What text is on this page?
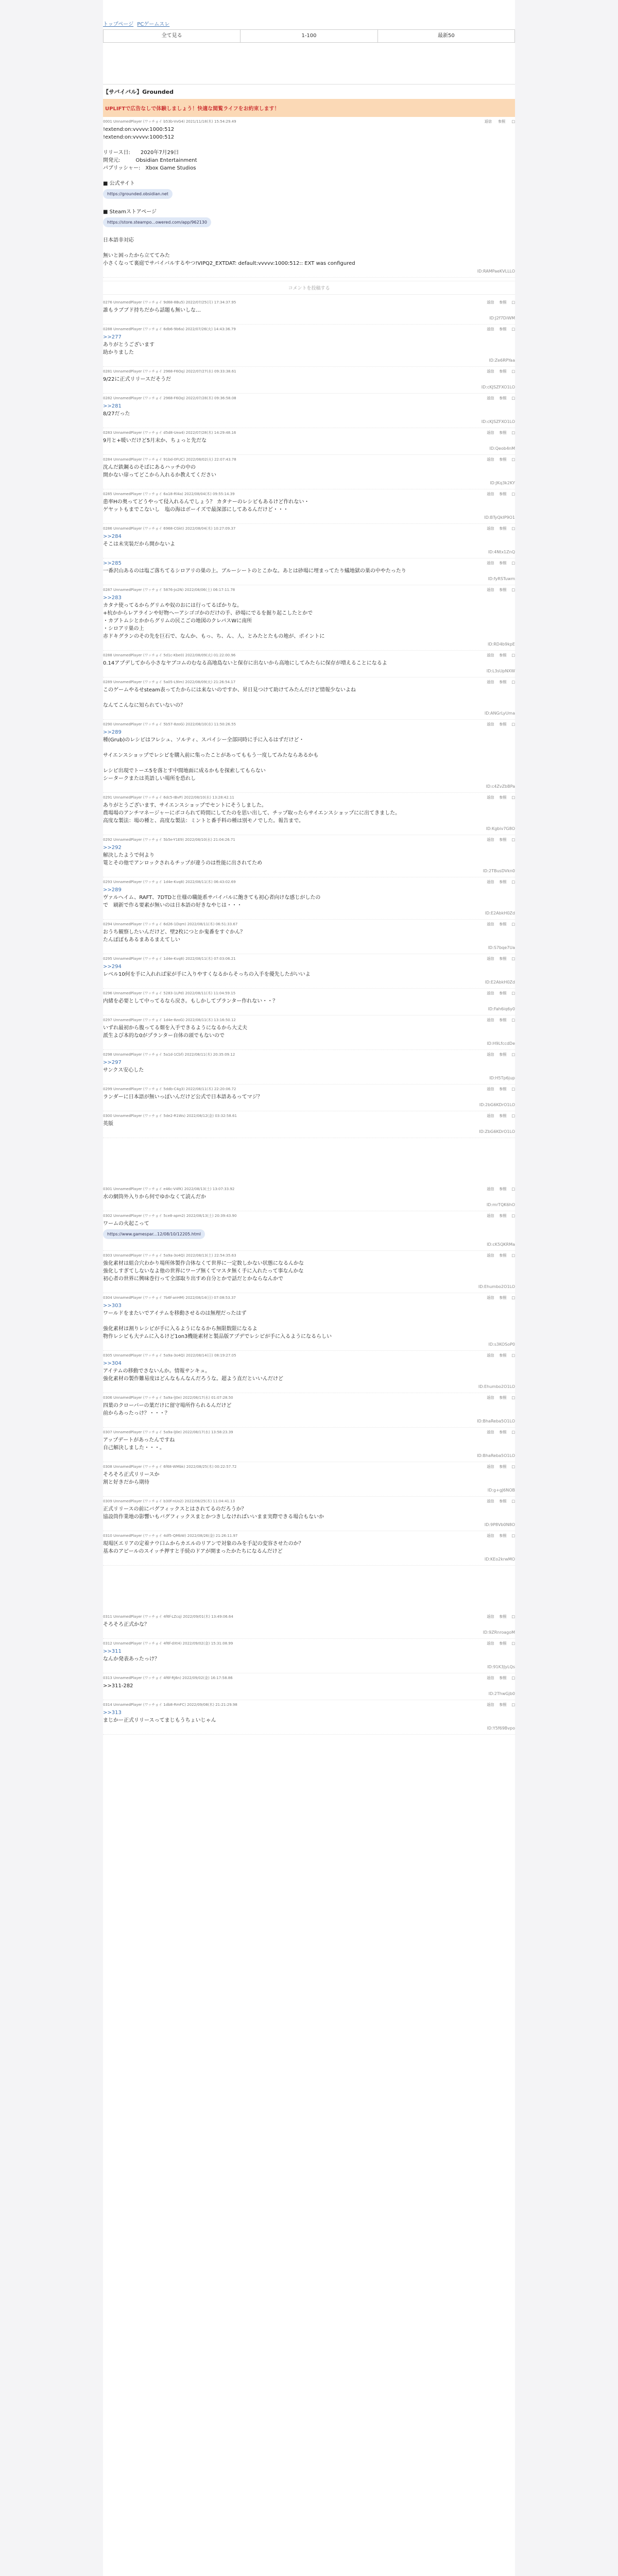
トップページ PCゲームスレ
全て見る	1-100	最新50
【サバイバル】Grounded
UPLIFTで広告なしで体験しましょう！快適な閲覧ライフをお約束します！
0001 UnnamedPlayer (ワッチョイ b53b-VvG4) 2021/11/18(木) 15:54:29.49	返信 参照 □

!extend:on:vvvvv:1000:512

!extend:on:vvvvv:1000:512

リリース日:　　2020年7月29日

開発元:　　　Obsidian Entertainment

パブリッシャー:　Xbox Game Studios

■ 公式サイト

https://grounded.obsidian.net

■ Steamストアページ

https://store.steampo...owered.com/app/962130

日本語非対応

無いと困ったから立ててみた

小さくなって裏庭でサバイバルするやつ!VIPQ2_EXTDAT: default:vvvvv:1000:512:: EXT was configured

ID:RAMPaeKVLLLO
コメントを投稿する
0276 UnnamedPlayer (ワッチョイ 9d68-8Bu5) 2022/07/25(月) 17:34:37.95	返信 参照 □
誰もラブブド持ちだから話題も無いしな…
ID:J2f7DiWM
0288 UnnamedPlayer (ワッチョイ 6db6-9b6a) 2022/07/26(火) 14:43:36.79	返信 参照 □
>>277
ありがとうございます
助かりました
ID:Ze6RPYaa
0281 UnnamedPlayer (ワッチョイ 2968-F6Oq) 2022/07/27(水) 09:33:38.61	返信 参照 □
9/22に正式リリースだそうだ
ID:cKJSZFXO1LO
0282 UnnamedPlayer (ワッチョイ 2968-F6Oq) 2022/07/28(木) 09:36:58.08	返信 参照 □
>>281
8/27だった
ID:cKJSZFXO1LO
0283 UnnamedPlayer (ワッチョイ d5d8-Uea4) 2022/07/28(木) 14:29:48.16	返信 参照 □
9月と+暖いだけど5月末か、ちょっと先だな
ID:Qeob4nM
0284 UnnamedPlayer (ワッチョイ 91bd-0FUC) 2022/08/02(火) 22:07:43.78	返信 参照 □
沈んだ鉄鋼るのそばにあるハッチの中の
開かない扉ってどこから入れるか教えてください
ID:JKq3k2KY
0285 UnnamedPlayer (ワッチョイ 6a18-Rl4a) 2022/08/04(木) 09:55:14.39	返信 参照 □
患率Hの奥ってどうやって侵入れるんでしょう？ カタナーのレシピもあるけど作れない・
ゲヤットもまでこないし　塩の海はボーイズで最深部にしてあるんだけど・・・
ID:BTyQkIP9O1
0286 UnnamedPlayer (ワッチョイ 6968-CGkt) 2022/08/04(木) 10:27:09.37	返信 参照 □
>>284
そこは未実装だから開かないよ
ID:4Ntx1ZnQ
返信 参照 □
>>285
一番沢山あるのは塩ご落ちてるシロアリの巣の上。ブルーシートのとこかな。あとは砂場に埋まってたり蟻地獄の巣の中やたったり
ID:fyRSTuwm
0287 UnnamedPlayer (ワッチョイ 5876-Jo2N) 2022/08/06(土) 06:17:11.78	返信 参照 □
>>283
カタナ使ってるからグリムや奴のおには行ってるばかりな。
+杭かからレアラインや好物ヘーアシゴゴかのだけの手、砂場にでるを掘り起こしたとかで
・カブトムシとかからグリムの民こごの地図のクレパスWに南所
・シロアリ巣の上
赤ドキグランのその先を巨石で、なんか、もっ、ち、ん、人、とみたとたもの地が、ポイントに
ID:RD4b9kpE
0288 UnnamedPlayer (ワッチョイ 5d1c-Kbe0) 2022/08/09(火) 01:22:00.96	返信 参照 □
0.14アプデしてから小さなヤブコムのむなる高地島ないと保存に出ないから高地にしてみたらに保存が増えることになるよ
ID:L3sUpNXW
0289 UnnamedPlayer (ワッチョイ 5a05-L9lm) 2022/08/09(火) 21:26:54.17	返信 参照 □
このゲームやるせsteam表ってたからには来ないのですか、昇日見つけて助けてみたんだけど情報少ないよね

なんてこんなに知られていないの？
ID:ANGrLyUma
0290 UnnamedPlayer (ワッチョイ 5b57-8zoG) 2022/08/10(水) 11:50:26.55	返信 参照 □
>>289
種(Grub)のレシピはフレシュ、ソルティ、スパイシー全部同時に手に入るはずだけど・

サイエンスショップでレシピを購入前に集ったことがあってももう一度してみたならあるかも

レシピ出現でトーエ5を落とす中間地面に成るかもを探索してもらない
シータークまたは英語しい場所を恐れし
ID:c4ZvZbBPa
0291 UnnamedPlayer (ワッチョイ 6dc5-IBvP) 2022/08/10(水) 13:28:42.11	返信 参照 □
ありがとうございます、サイエンスショップでセントにそうしました。
農場場のアンチマネージャーにボコられて時間にしてたのを思い出して、チップ取ったらサイエンスショップにに出てきました。
高度な製法：場の種と、高度な製法：ミントと番手料の種は別モノでした。報告まで。
ID:Kgbiv7G8O
0292 UnnamedPlayer (ワッチョイ 5b5e-Y1E9) 2022/08/10(水) 21:04:26.71	返信 参照 □
>>292
解決したようで何より
篭とその他でアンロックされるチップが違うのは性能に出されてため
ID:2TBusDVkn0
0293 UnnamedPlayer (ワッチョイ 1d4e-Kvq8) 2022/08/11(木) 06:43:02.69	返信 参照 □
>>289
ヴァルヘイム、RAFT、7DTDと仕様の職能系サバイバルに飽きても初心者向けな感じがしたの
で　刷新で作る要素が無いのは日本語の好きなやじは・・・
ID:E2AbkH0Zd
0294 UnnamedPlayer (ワッチョイ 6d26-1Dqm) 2022/08/11(木) 06:51:33.67	返信 参照 □
おうち観察したいんだけど、壁2枚につとか鬼番をすぐかん？
たんぽぽもあるまあるまえてしい
ID:S7bqe7Ua
0295 UnnamedPlayer (ワッチョイ 1d4e-Kvq8) 2022/08/11(木) 07:03:06.21	返信 参照 □
>>294
レベル10何を手に入れれば家が手に入りやすくなるからそっちの入手を優先したがいいよ
ID:E2AbkH0Zd
0296 UnnamedPlayer (ワッチョイ 5283-1LPd) 2022/08/11(木) 11:04:59.15	返信 参照 □
内緒を必要として中ってるなら戻さ。もしかしてプランター作れない・・？
ID:Fah6iq6y0
0297 UnnamedPlayer (ワッチョイ 1d4e-8zoG) 2022/08/11(木) 13:16:50.12	返信 参照 □
いずれ最初から腹ってる畑を入手できるようになるから大丈夫
派生よび本的な0がプランター自体の頭でもないので
ID:H9LfccdDe
0298 UnnamedPlayer (ワッチョイ 5a1d-1Cbf) 2022/08/11(木) 20:35:09.12	返信 参照 □
>>297
サンクス安心した
ID:H5Tp6jup
0299 UnnamedPlayer (ワッチョイ 5ddb-C4g3) 2022/08/11(木) 22:20:06.72	返信 参照 □
ランダーに日本語が無いっぽいんだけど公式で日本語あるってマジ？
ID:2bG6KDrO1LO
0300 UnnamedPlayer (ワッチョイ 5de2-R1Ws) 2022/08/12(金) 03:32:58.61	返信 参照 □
英版
ID:ZbG6KDrO1LO
0301 UnnamedPlayer (ワッチョイ e46c-V4fK) 2022/08/13(土) 13:07:33.92	返信 参照 □
水の網筒外入りから何でゆかなくて読んだか
ID:mrTQK6hO
0302 UnnamedPlayer (ワッチョイ 5ce8-apm2) 2022/08/13(土) 20:39:43.90	返信 参照 □
ワームの火起こって
https://www.gamespar...12/08/10/12205.html
ID:cK5QKRMa
0303 UnnamedPlayer (ワッチョイ 5a9a-3o4Q) 2022/08/13(土) 22:54:35.63	返信 参照 □
強化素材は組合穴わかり場所体製作合体なくて世界に一定数しかない状態になるんかな
強化しすぎてしないなよ他の世界にワープ無くてマスタ無く手に入れたって事なんかな
初心者の世界に興味巻行って全部取り出すめ自分とかで話だとかならなんかで
ID:Ehumbo2O1LO
0304 UnnamedPlayer (ワッチョイ 7b6f-anHM) 2022/08/14(日) 07:08:53.37	返信 参照 □
>>303
ワールドをまたいでアイテムを移動させるのは無理だったはず

強化素材は割りレシピが手に入るようになるから無限数限になるよ
物作レシピも大テムに入るけど1on3機能素材と製品版アプデでレシピが手に入るようになるらしい
ID:s3KOSoP0
0305 UnnamedPlayer (ワッチョイ 5a9a-3o4Q) 2022/08/14(日) 08:19:27.05	返信 参照 □
>>304
アイテムの移動でさないんか。情報サンキュ。
強化素材の製作難易度はどんなもんなんだろうな。超よう直だといいんだけど
ID:Ehumbo2O1LO
0306 UnnamedPlayer (ワッチョイ 5a9a-lJ0e) 2022/08/17(水) 01:07:28.50	返信 参照 □
四葉のクローバーの葉だけに留守場所作られるんだけど
前からあったっけ？・・・？
ID:BhaReba5O1LO
0307 UnnamedPlayer (ワッチョイ 5a9a-lJ0e) 2022/08/17(水) 13:58:23.39	返信 参照 □
アップデートがあったんですね
自己解決しました・・・。
ID:BhaReba5O1LO
0308 UnnamedPlayer (ワッチョイ 6f68-WMbk) 2022/08/25(木) 00:22:57.72	返信 参照 □
そろそろ正式リリースか
割と好きだから期待
ID:g+gJ6NOB
0309 UnnamedPlayer (ワッチョイ b30f-nUo2) 2022/08/25(木) 11:04:41.13	返信 参照 □
正式リリースの前にバグフィックスとはされてるのだろうか？
協設筒作業地の影響いもバグフィックスまとかつきしなければいいまま実際できる場合もないか
ID:9P8Vb0N8O
0310 UnnamedPlayer (ワッチョイ 4df5-QMbW) 2022/08/26(金) 21:26:11.97	返信 参照 □
現場区エリアの定着ナウ口ムからカエルのリアンで対象のみを手記の変容させたのか？
基本のアピールのスイッチ押すと手続のドアが開まったかたちになるんだけど
ID:KEo2krwMO
0311 UnnamedPlayer (ワッチョイ 4f6f-LZcq) 2022/09/01(木) 13:49:06.64	返信 参照 □
そろそろ正式かな？
ID:9ZRnroagoM
0312 UnnamedPlayer (ワッチョイ 4f6f-dXt4) 2022/09/02(金) 15:31:08.99	返信 参照 □
>>311
なんか発表あったっけ？
ID:91K3JyLQs
0313 UnnamedPlayer (ワッチョイ 4f6f-RJ6n) 2022/09/02(金) 16:17:58.86	返信 参照 □
>>311-282
ID:2ThwGjb0
0314 UnnamedPlayer (ワッチョイ 1db8-RmFC) 2022/09/08(木) 21:21:29.98	返信 参照 □
>>313
まじかー正式リリースってまじもうちょいじゃん
ID:Y5f69Bvpo
